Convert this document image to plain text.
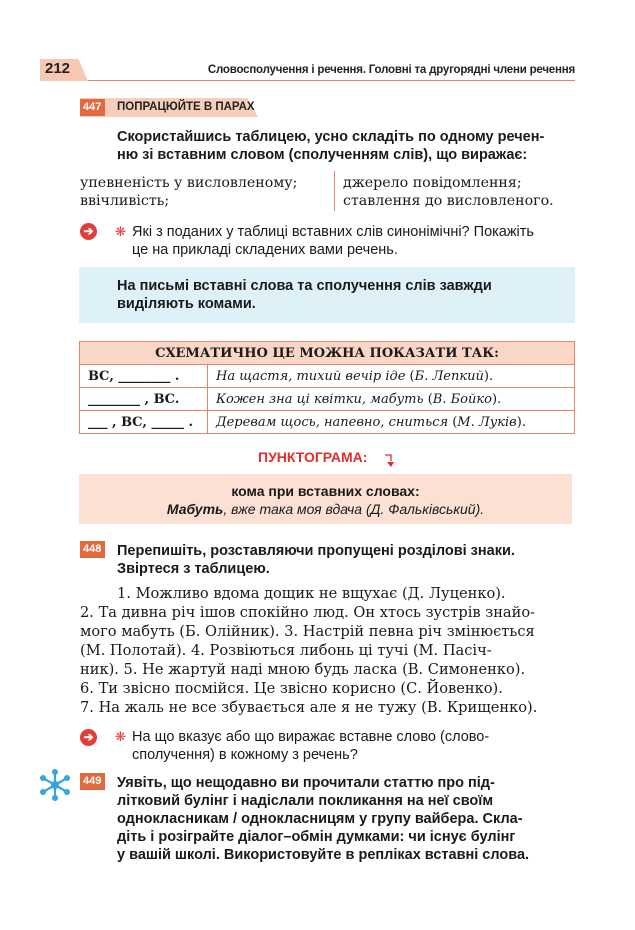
212	Словосполучення і речення. Головні та другорядні члени речення
447	ПОПРАЦЮЙТЕ В ПАРАХ
Скористайшись таблицею, усно складіть по одному речен-
ню зі вставним словом (сполученням слів), що виражає:
упевненість у висловленому;
ввічливість;
джерело повідомлення;
ставлення до висловленого.
➔ ❋ Які з поданих у таблиці вставних слів синонімічні? Покажіть
це на прикладі складених вами речень.
На письмі вставні слова та сполучення слів завжди
виділяють комами.
СХЕМАТИЧНО ЦЕ МОЖНА ПОКАЗАТИ ТАК:	
ВС, ________ .	На щастя, тихий вечір іде (Б. Лепкий).
________ , ВС.	Кожен зна ці квітки, мабуть (В. Бойко).
___ , ВС, _____ .	Деревам щось, напевно, сниться (М. Луків).
ПУНКТОГРАМА:
кома при вставних словах:
Мабуть, вже така моя вдача (Д. Фальківський).
448 Перепишіть, розставляючи пропущені розділові знаки.
Звіртеся з таблицею.
1. Можливо вдома дощик не вщухає (Д. Луценко).
2. Та дивна річ ішов спокійно люд. Он хтось зустрів знайо-
мого мабуть (Б. Олійник). 3. Настрій певна річ змінюється
(М. Полотай). 4. Розвіються либонь ці тучі (М. Пасіч-
ник). 5. Не жартуй наді мною будь ласка (В. Симоненко).
6. Ти звісно посмійся. Це звісно корисно (С. Йовенко).
7. На жаль не все збувається але я не тужу (В. Крищенко).
➔ ❋ На що вказує або що виражає вставне слово (слово-
сполучення) в кожному з речень?
449 Уявіть, що нещодавно ви прочитали статтю про під-
літковий булінг і надіслали покликання на неї своїм
однокласникам / однокласницям у групу вайбера. Скла-
діть і розіграйте діалог–обмін думками: чи існує булінг
у вашій школі. Використовуйте в репліках вставні слова.
